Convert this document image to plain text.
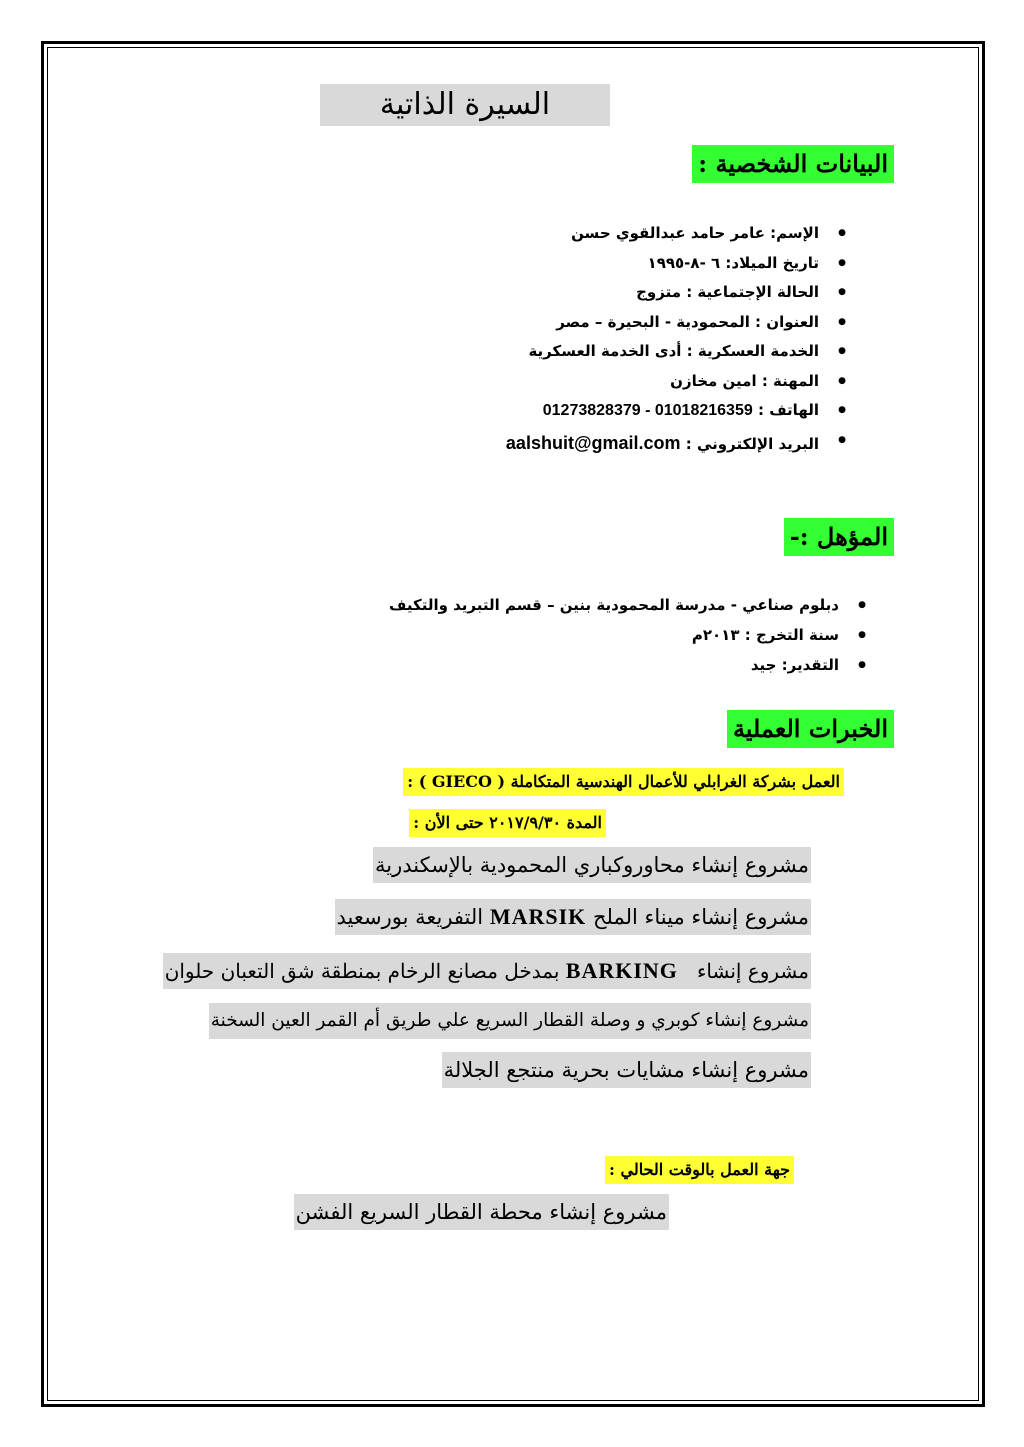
السيرة الذاتية
البيانات الشخصية :
● الإسم: عامر حامد عبدالقوي حسن
● تاريخ الميلاد: ٦ -٨-١٩٩٥
● الحالة الإجتماعية : متزوج
● العنوان : المحمودية - البحيرة – مصر
● الخدمة العسكرية : أدى الخدمة العسكرية
● المهنة : امين مخازن
● الهاتف : 01273828379 - 01018216359
● البريد الإلكتروني : aalshuit@gmail.com
المؤهل :-
● دبلوم صناعي - مدرسة المحمودية بنين – قسم التبريد والتكيف
● سنة التخرج : ٢٠١٣م
● التقدير: جيد
الخبرات العملية
العمل بشركة الغرابلي للأعمال الهندسية المتكاملة ( GIECO ) :
المدة ٢٠١٧/٩/٣٠ حتى الأن :
مشروع إنشاء محاوروكباري المحمودية بالإسكندرية
مشروع إنشاء ميناء الملح MARSIK التفريعة بورسعيد
مشروع إنشاء   BARKING بمدخل مصانع الرخام بمنطقة شق التعبان حلوان
مشروع إنشاء كوبري و وصلة القطار السريع علي طريق أم القمر العين السخنة
مشروع إنشاء مشايات بحرية منتجع الجلالة
جهة العمل بالوقت الحالي :
مشروع إنشاء محطة القطار السريع الفشن
